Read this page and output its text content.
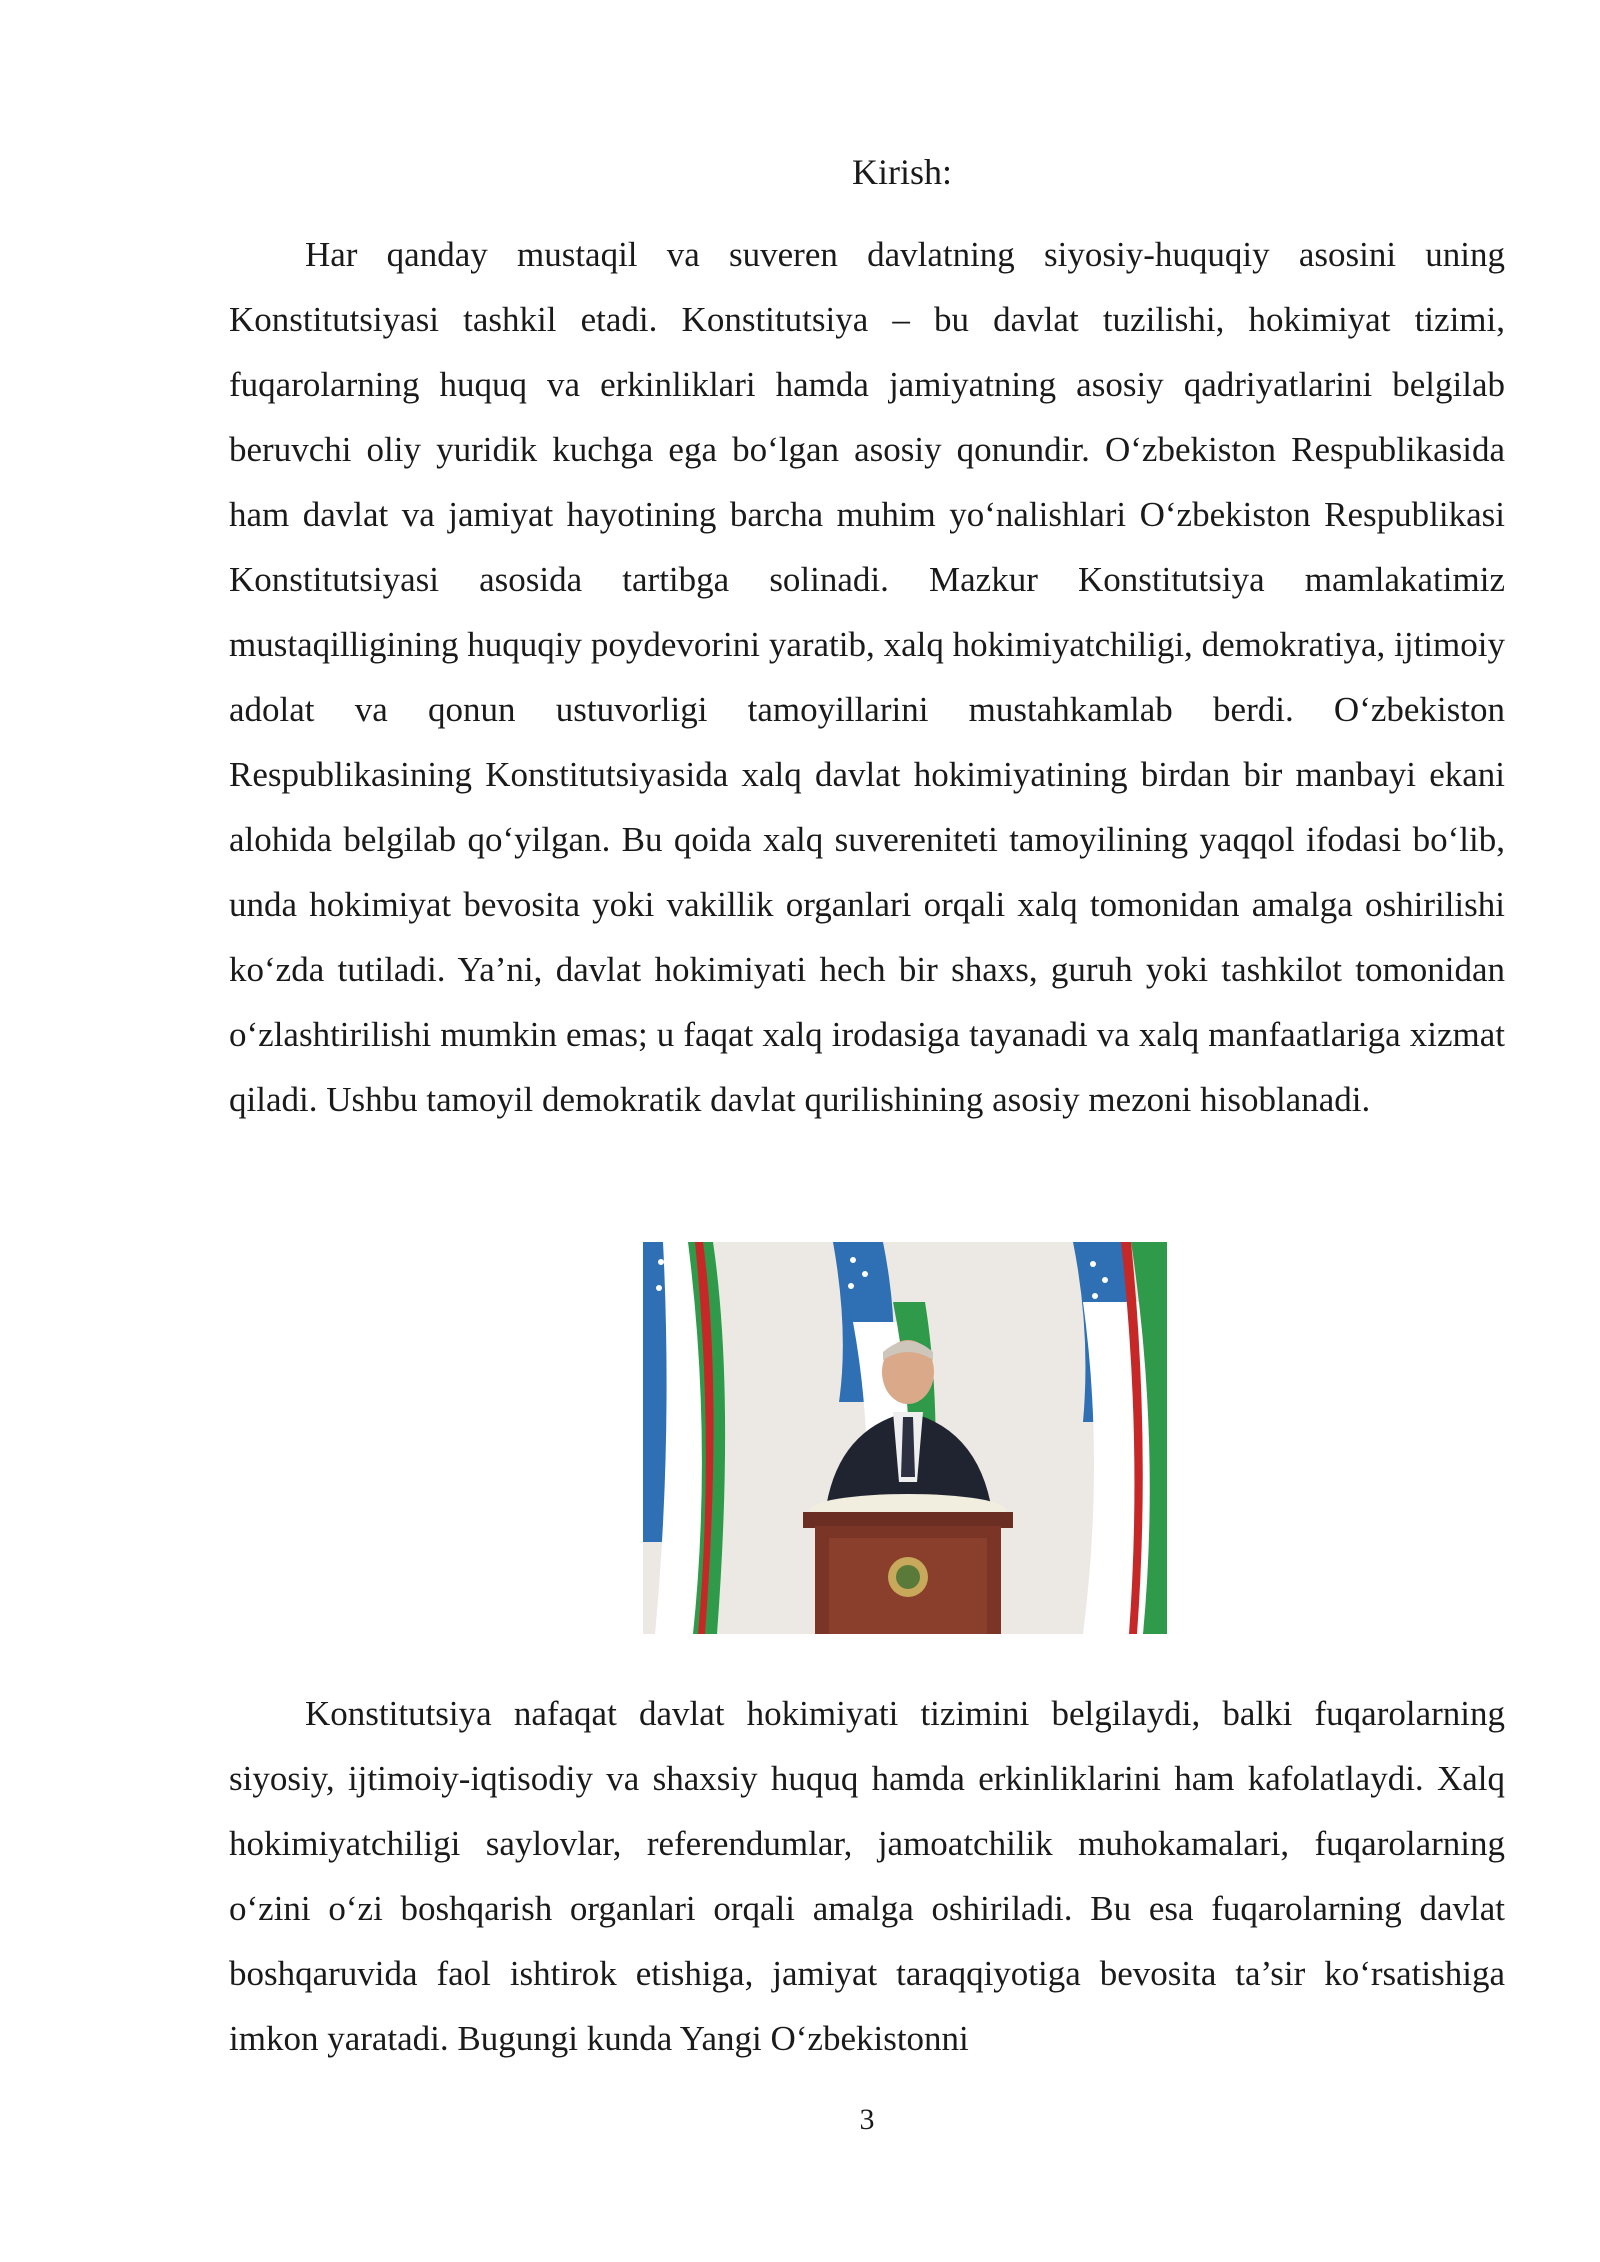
Kirish:

Har qanday mustaqil va suveren davlatning siyosiy-huquqiy asosini uning Konstitutsiyasi tashkil etadi. Konstitutsiya – bu davlat tuzilishi, hokimiyat tizimi, fuqarolarning huquq va erkinliklari hamda jamiyatning asosiy qadriyatlarini belgilab beruvchi oliy yuridik kuchga ega boʻlgan asosiy qonundir. Oʻzbekiston Respublikasida ham davlat va jamiyat hayotining barcha muhim yoʻnalishlari Oʻzbekiston Respublikasi Konstitutsiyasi asosida tartibga solinadi. Mazkur Konstitutsiya mamlakatimiz mustaqilligining huquqiy poydevorini yaratib, xalq hokimiyatchiligi, demokratiya, ijtimoiy adolat va qonun ustuvorligi tamoyillarini mustahkamlab berdi. Oʻzbekiston Respublikasining Konstitutsiyasida xalq davlat hokimiyatining birdan bir manbayi ekani alohida belgilab qoʻyilgan. Bu qoida xalq suvereniteti tamoyilining yaqqol ifodasi boʻlib, unda hokimiyat bevosita yoki vakillik organlari orqali xalq tomonidan amalga oshirilishi koʻzda tutiladi. Ya’ni, davlat hokimiyati hech bir shaxs, guruh yoki tashkilot tomonidan oʻzlashtirilishi mumkin emas; u faqat xalq irodasiga tayanadi va xalq manfaatlariga xizmat qiladi. Ushbu tamoyil demokratik davlat qurilishining asosiy mezoni hisoblanadi.

Konstitutsiya nafaqat davlat hokimiyati tizimini belgilaydi, balki fuqarolarning siyosiy, ijtimoiy-iqtisodiy va shaxsiy huquq hamda erkinliklarini ham kafolatlaydi. Xalq hokimiyatchiligi saylovlar, referendumlar, jamoatchilik muhokamalari, fuqarolarning oʻzini oʻzi boshqarish organlari orqali amalga oshiriladi. Bu esa fuqarolarning davlat boshqaruvida faol ishtirok etishiga, jamiyat taraqqiyotiga bevosita ta’sir koʻrsatishiga imkon yaratadi. Bugungi kunda Yangi Oʻzbekistonni

3
